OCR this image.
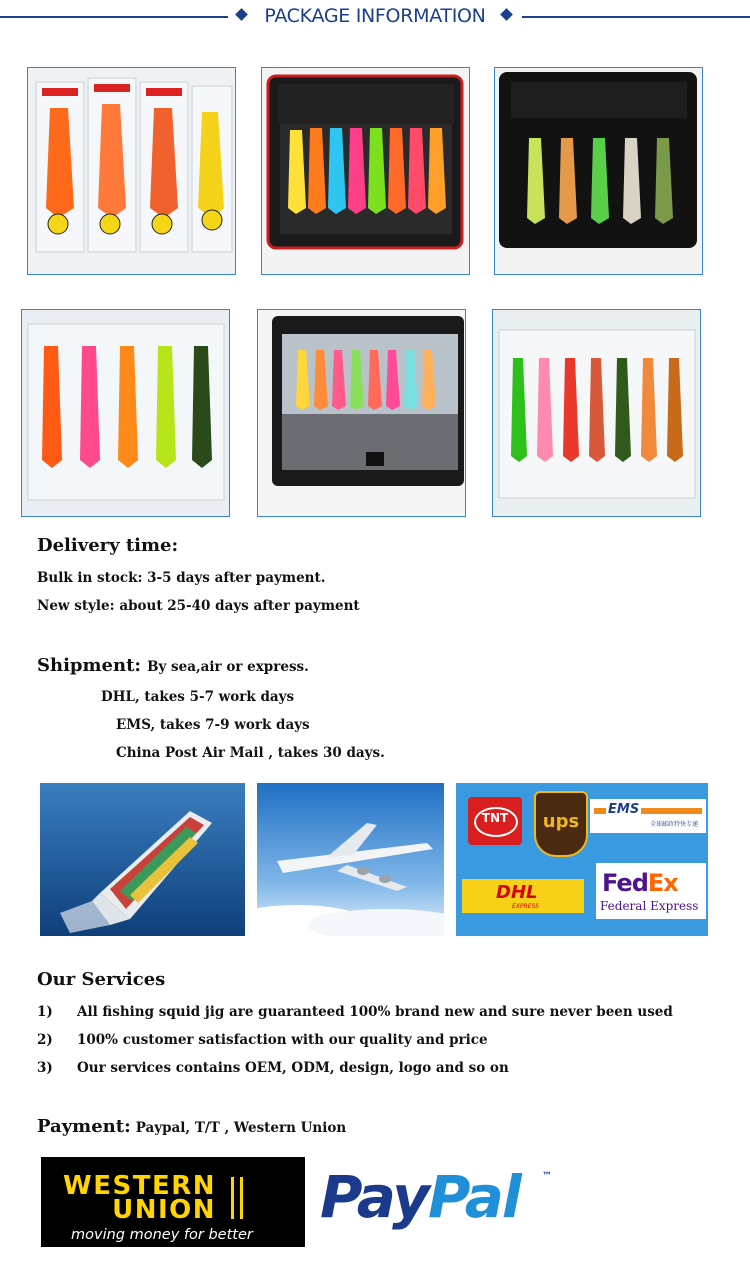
PACKAGE INFORMATION
Delivery time:
Bulk in stock: 3-5 days after payment.
New style: about 25-40 days after payment
Shipment: By sea,air or express.
DHL, takes 5-7 work days
EMS, takes 7-9 work days
China Post Air Mail , takes 30 days.
TNT	ups
EMS
全球邮政特快专递
DHL
EXPRESS
FedEx
Federal Express
Our Services
1) All fishing squid jig are guaranteed 100% brand new and sure never been used
2) 100% customer satisfaction with our quality and price
3) Our services contains OEM, ODM, design, logo and so on
Payment: Paypal, T/T , Western Union
WESTERN
UNION
moving money for better
PayPal ™
